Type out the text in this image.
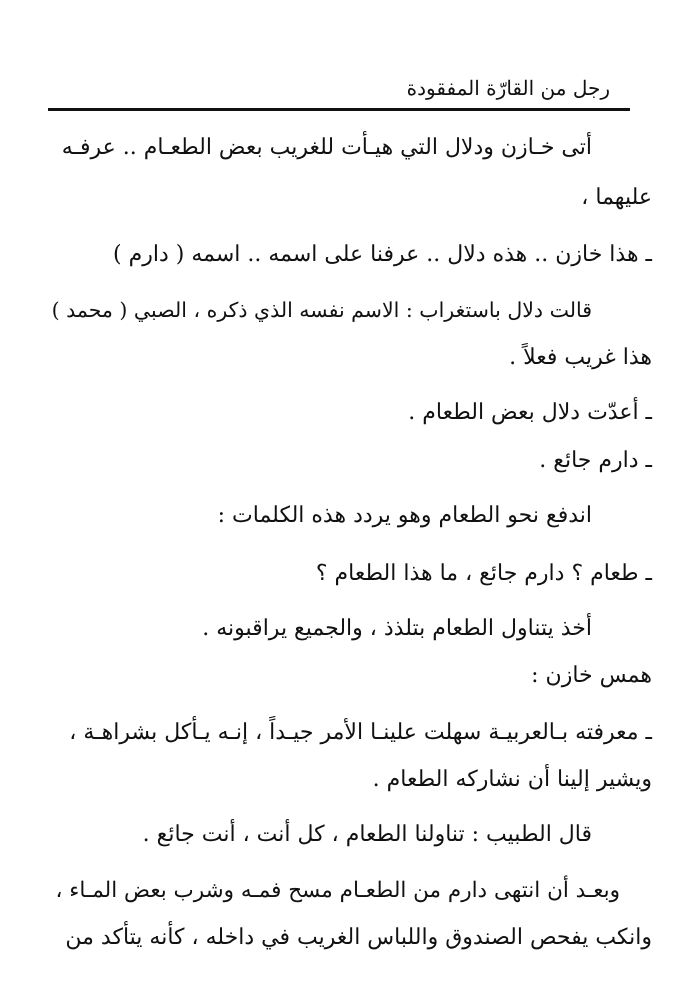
رجل من القارّة المفقودة
أتى خـازن ودلال التي هيـأت للغريب بعض الطعـام .. عرفـه
عليهما ،
ـ هذا خازن .. هذه دلال .. عرفنا على اسمه .. اسمه ( دارم )
قالت دلال باستغراب : الاسم نفسه الذي ذكره ، الصبي ( محمد )
هذا غريب فعلاً .
ـ أعدّت دلال بعض الطعام .
ـ دارم جائع .
اندفع نحو الطعام وهو يردد هذه الكلمات :
ـ طعام ؟ دارم جائع ، ما هذا الطعام ؟
أخذ يتناول الطعام بتلذذ ، والجميع يراقبونه .
همس خازن :
ـ معرفته بـالعربيـة سهلت علينـا الأمر جيـداً ، إنـه يـأكل بشراهـة ،
ويشير إلينا أن نشاركه الطعام .
قال الطبيب : تناولنا الطعام ، كل أنت ، أنت جائع .
وبعـد أن انتهى دارم من الطعـام مسح فمـه وشرب بعض المـاء ،
وانكب يفحص الصندوق واللباس الغريب في داخله ، كأنه يتأكد من
